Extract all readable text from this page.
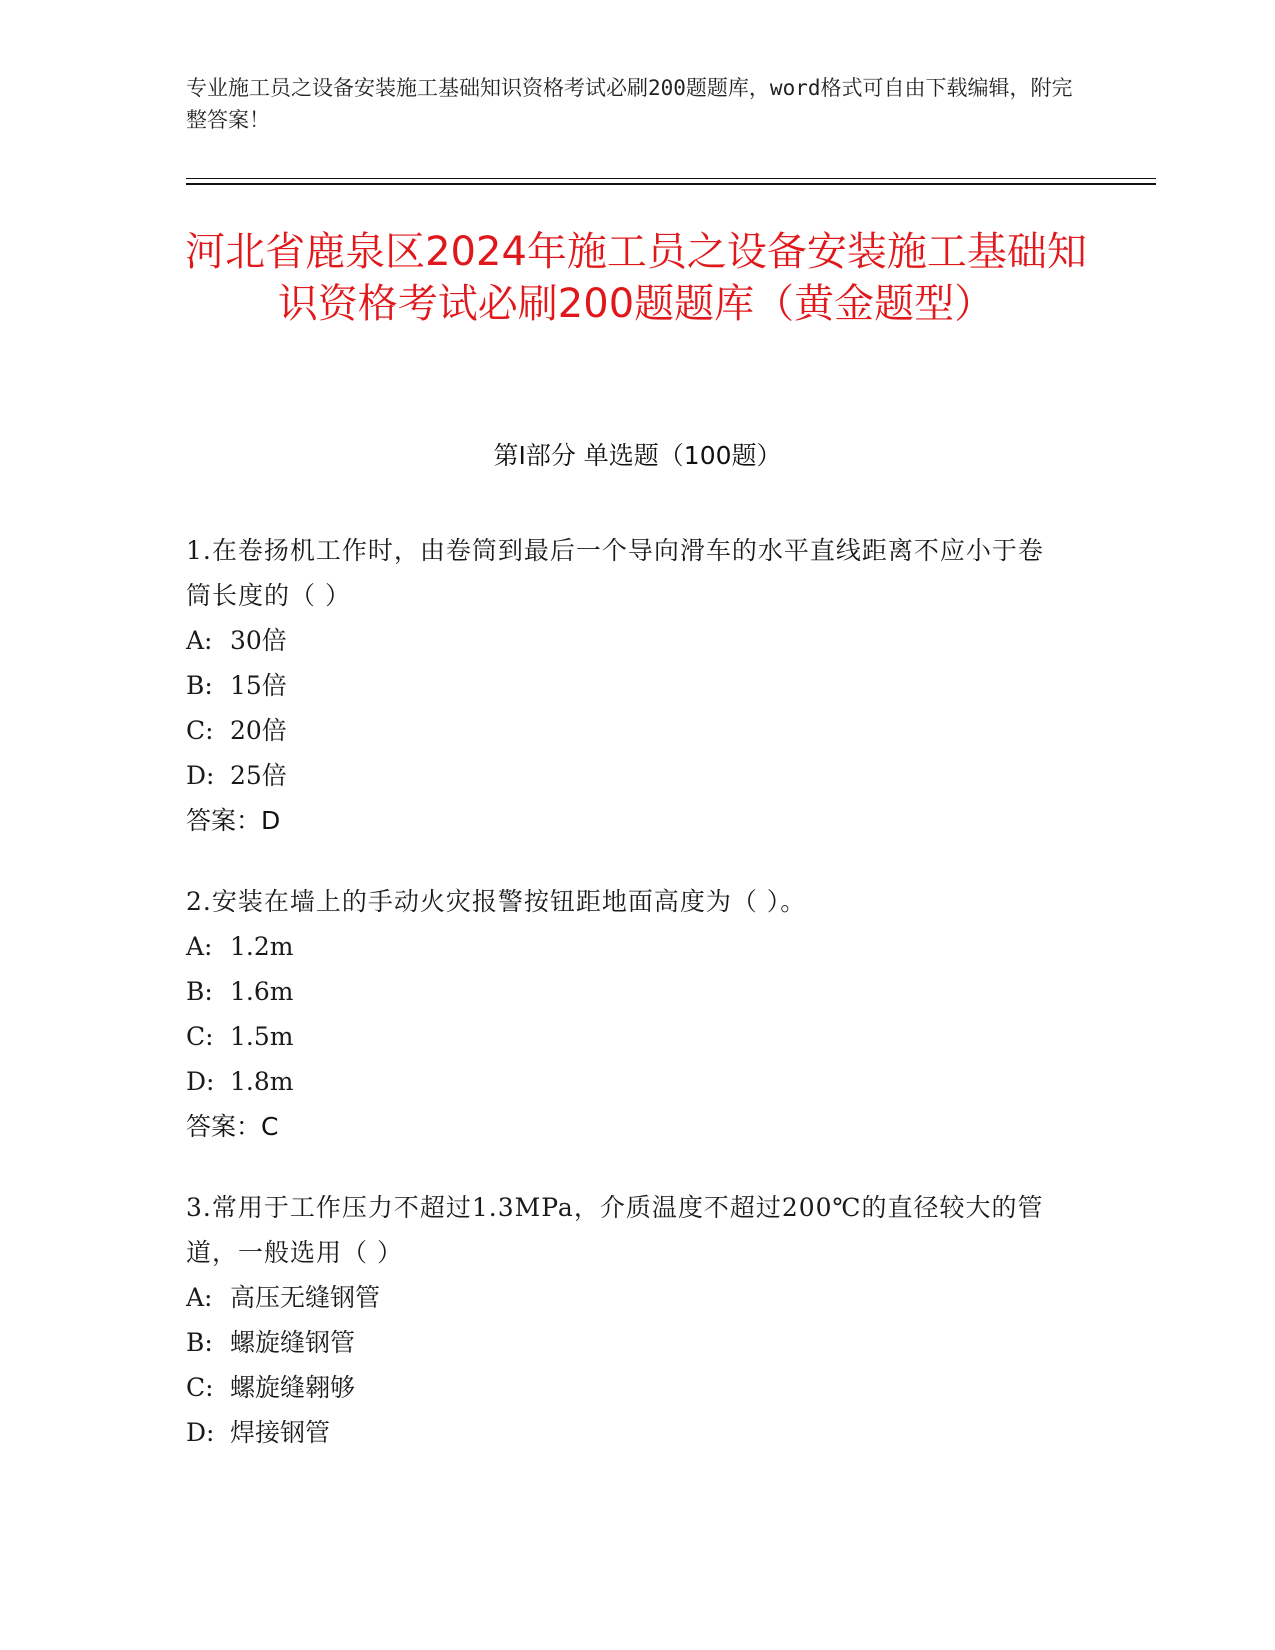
专业施工员之设备安装施工基础知识资格考试必刷200题题库，word格式可自由下载编辑，附完整答案！
河北省鹿泉区2024年施工员之设备安装施工基础知识资格考试必刷200题题库（黄金题型）
第I部分 单选题（100题）

1.在卷扬机工作时，由卷筒到最后一个导向滑车的水平直线距离不应小于卷筒长度的（ ）

A: 30倍

B: 15倍

C: 20倍

D: 25倍

答案：D

2.安装在墙上的手动火灾报警按钮距地面高度为（ ）。

A: 1.2m

B: 1.6m

C: 1.5m

D: 1.8m

答案：C

3.常用于工作压力不超过1.3MPa，介质温度不超过200℃的直径较大的管道，一般选用（ ）

A: 高压无缝钢管

B: 螺旋缝钢管

C: 螺旋缝翱够

D: 焊接钢管
